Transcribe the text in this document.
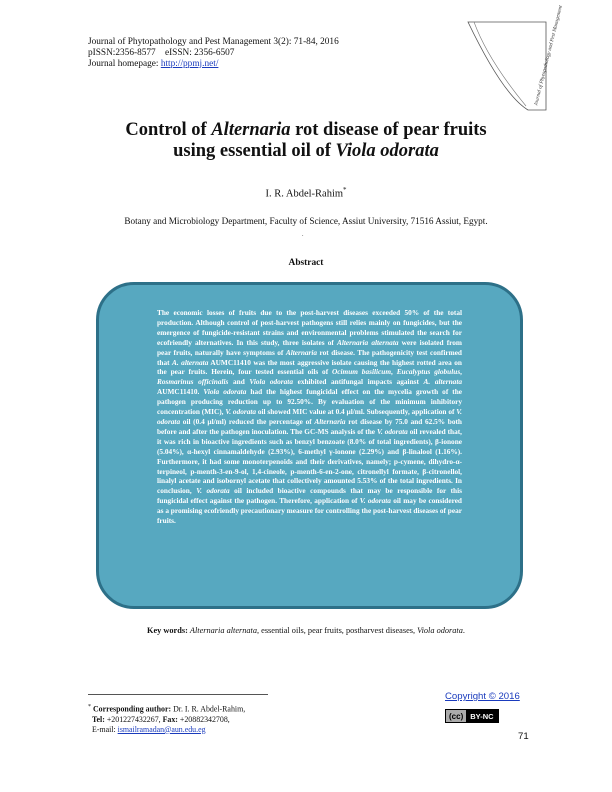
Journal of Phytopathology and Pest Management 3(2): 71-84, 2016
pISSN:2356-8577    eISSN: 2356-6507
Journal homepage: http://ppmj.net/	Journal of Phytopathology and Pest Management
Control of Alternaria rot disease of pear fruits
using essential oil of Viola odorata
I. R. Abdel-Rahim*
Botany and Microbiology Department, Faculty of Science, Assiut University, 71516 Assiut, Egypt.
.
Abstract
The economic losses of fruits due to the post-harvest diseases exceeded 50% of the total production. Although control of post-harvest pathogens still relies mainly on fungicides, but the emergence of fungicide-resistant strains and environmental problems stimulated the search for ecofriendly alternatives. In this study, three isolates of Alternaria alternata were isolated from pear fruits, naturally have symptoms of Alternaria rot disease. The pathogenicity test confirmed that A. alternata AUMC11410 was the most aggressive isolate causing the highest rotted area on the pear fruits. Herein, four tested essential oils of Ocimum basilicum, Eucalyptus globulus, Rosmarinus officinalis and Viola odorata exhibited antifungal impacts against A. alternata AUMC11410. Viola odorata had the highest fungicidal effect on the mycelia growth of the pathogen producing reduction up to 92.50%. By evaluation of the minimum inhibitory concentration (MIC), V. odorata oil showed MIC value at 0.4 µl/ml. Subsequently, application of V. odorata oil (0.4 µl/ml) reduced the percentage of Alternaria rot disease by 75.0 and 62.5% both before and after the pathogen inoculation. The GC-MS analysis of the V. odorata oil revealed that, it was rich in bioactive ingredients such as benzyl benzoate (8.0% of total ingredients), β-ionone (5.04%), α-hexyl cinnamaldehyde (2.93%), 6-methyl γ-ionone (2.29%) and β-linalool (1.16%). Furthermore, it had some monoterpenoids and their derivatives, namely; p-cymene, dihydro-α-terpineol, p-menth-3-en-9-ol, 1,4-cineole, p-menth-6-en-2-one, citronellyl formate, β-citronellol, linalyl acetate and isobornyl acetate that collectively amounted 5.53% of the total ingredients. In conclusion, V. odorata oil included bioactive compounds that may be responsible for this fungicidal effect against the pathogen. Therefore, application of V. odorata oil may be considered as a promising ecofriendly precautionary measure for controlling the post-harvest diseases of pear fruits.
Key words: Alternaria alternata, essential oils, pear fruits, postharvest diseases, Viola odorata.
* Corresponding author: Dr. I. R. Abdel-Rahim,
Tel: +201227432267, Fax: +20882342708,
E-mail: ismailramadan@aun.edu.eg
Copyright © 2016
(cc) BY-NC
71
